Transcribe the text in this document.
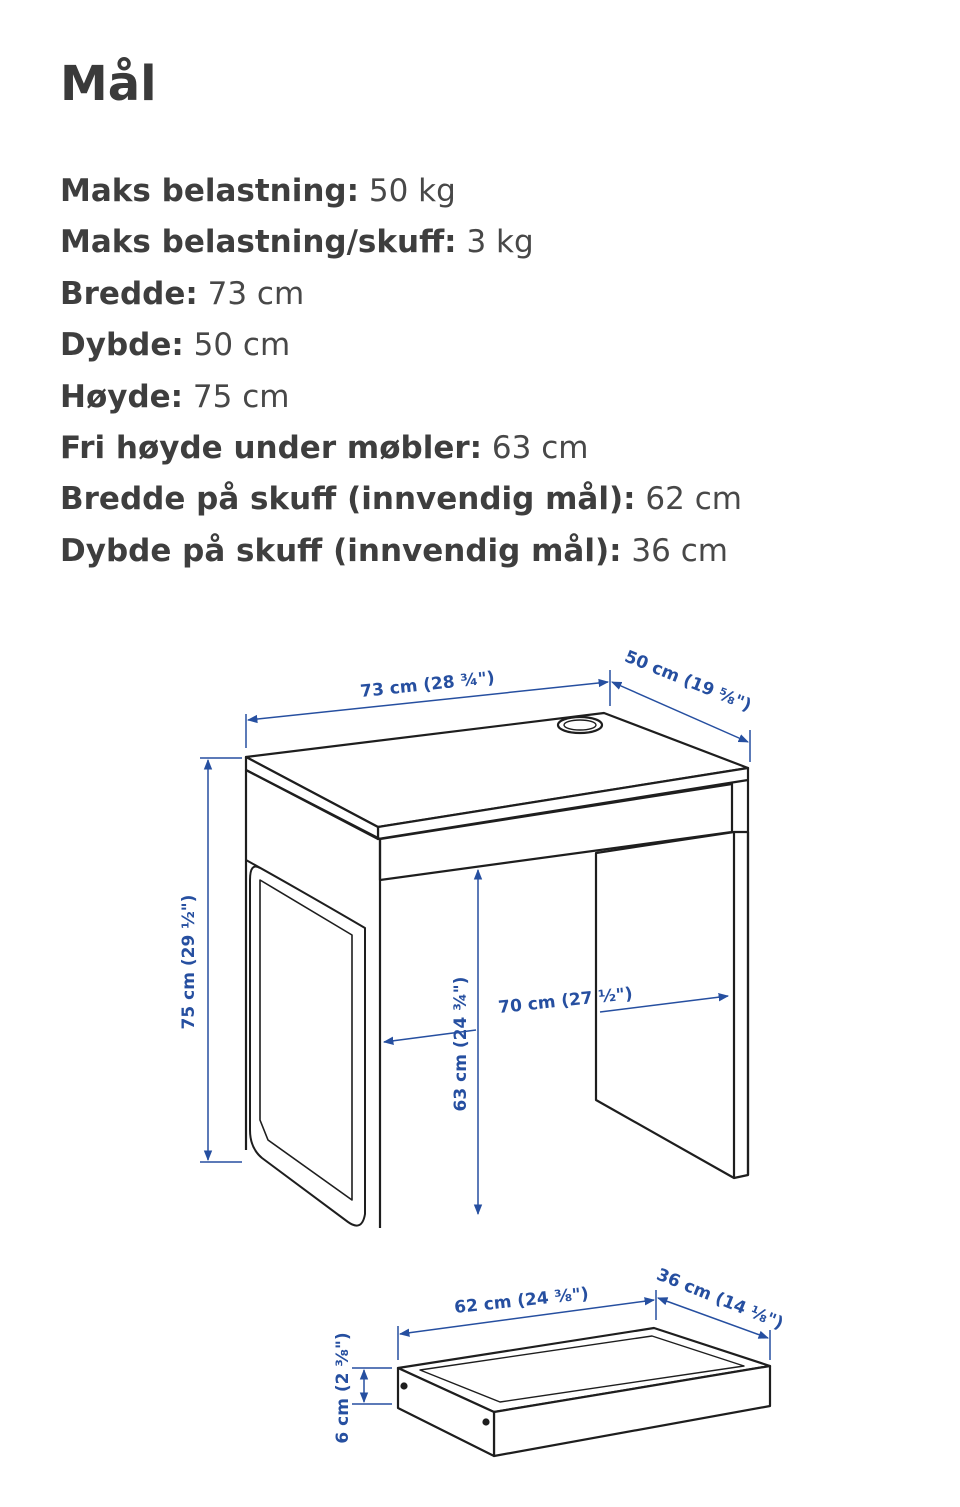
Mål
Maks belastning: 50 kg
Maks belastning/skuff: 3 kg
Bredde: 73 cm
Dybde: 50 cm
Høyde: 75 cm
Fri høyde under møbler: 63 cm
Bredde på skuff (innvendig mål): 62 cm
Dybde på skuff (innvendig mål): 36 cm
73 cm (28 ¾")	50 cm (19 ⅝")
75 cm (29 ½")
63 cm (24 ¾") 70 cm (27 ½")
62 cm (24 ⅜")	36 cm (14 ⅛")
6 cm (2 ⅜")
